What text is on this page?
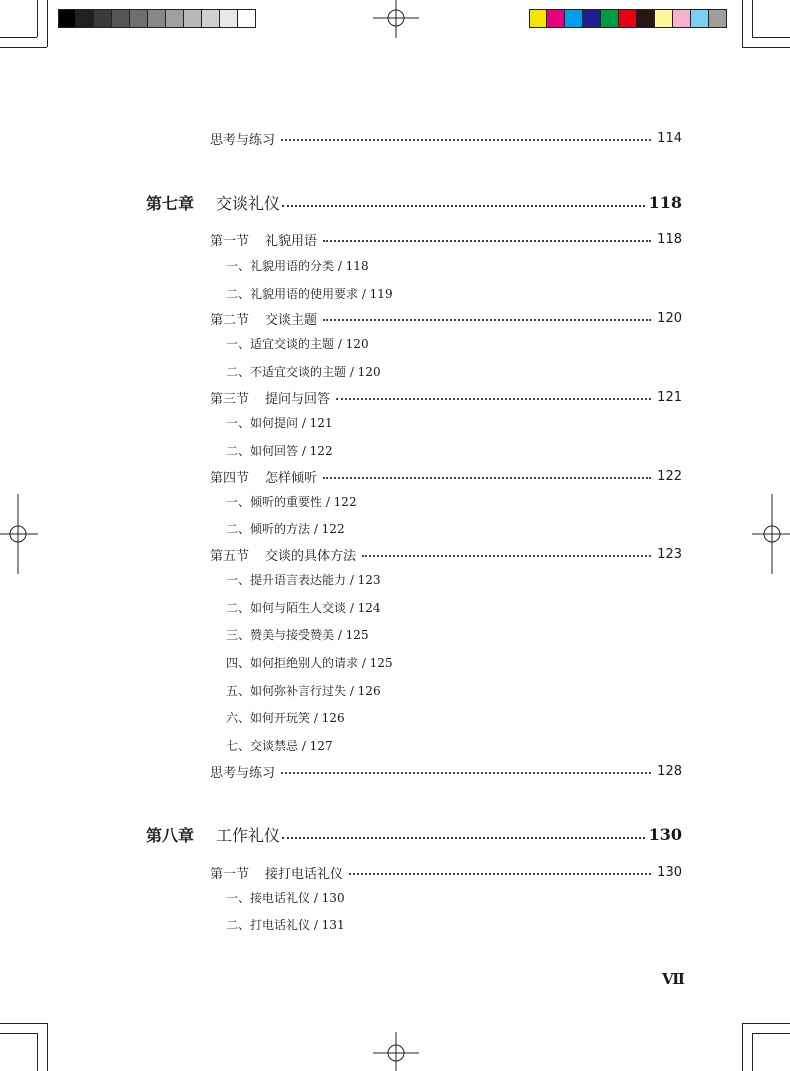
思考与练习	114
第七章 交谈礼仪	118
第一节 礼貌用语	118
一、礼貌用语的分类 / 118
二、礼貌用语的使用要求 / 119
第二节 交谈主题	120
一、适宜交谈的主题 / 120
二、不适宜交谈的主题 / 120
第三节 提问与回答	121
一、如何提问 / 121
二、如何回答 / 122
第四节 怎样倾听	122
一、倾听的重要性 / 122
二、倾听的方法 / 122
第五节 交谈的具体方法	123
一、提升语言表达能力 / 123
二、如何与陌生人交谈 / 124
三、赞美与接受赞美 / 125
四、如何拒绝别人的请求 / 125
五、如何弥补言行过失 / 126
六、如何开玩笑 / 126
七、交谈禁忌 / 127
思考与练习	128
第八章 工作礼仪	130
第一节 接打电话礼仪	130
一、接电话礼仪 / 130
二、打电话礼仪 / 131
Ⅶ
